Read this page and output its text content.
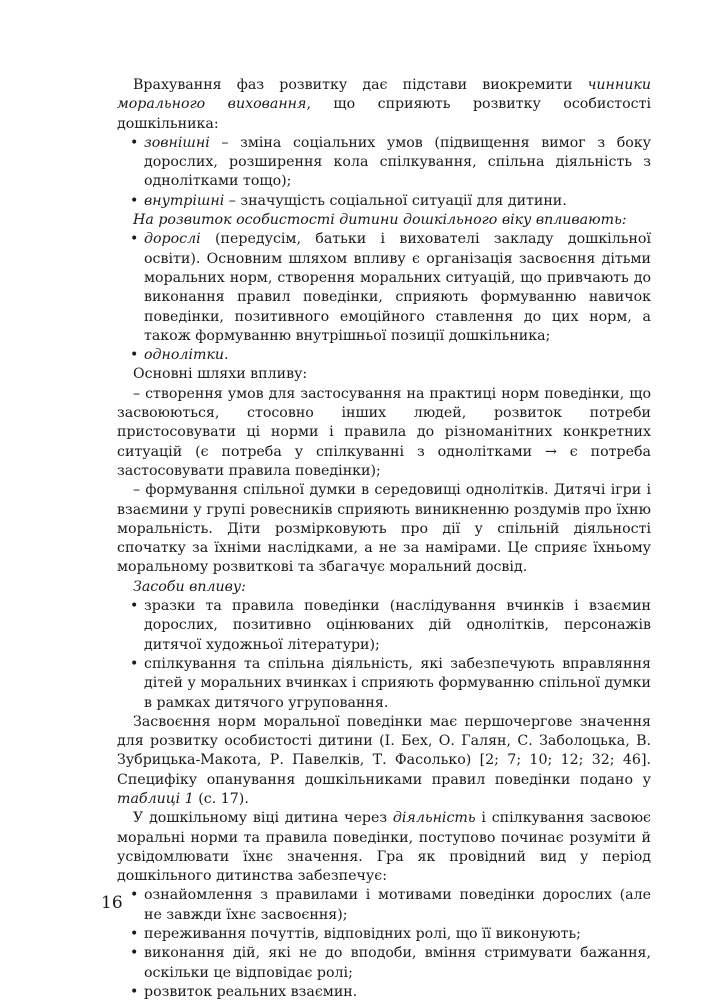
Врахування фаз розвитку дає підстави виокремити чинники морального виховання, що сприяють розвитку особистості дошкільника:

• зовнішні – зміна соціальних умов (підвищення вимог з боку дорослих, розширення кола спілкування, спільна діяльність з однолітками тощо);
• внутрішні – значущість соціальної ситуації для дитини.

На розвиток особистості дитини дошкільного віку впливають:

• дорослі (передусім, батьки і вихователі закладу дошкільної освіти). Основним шляхом впливу є організація засвоєння дітьми моральних норм, створення моральних ситуацій, що привчають до виконання правил поведінки, сприяють формуванню навичок поведінки, позитивного емоційного ставлення до цих норм, а також формуванню внутрішньої позиції дошкільника;
• однолітки.

Основні шляхи впливу:

– створення умов для застосування на практиці норм поведінки, що засвоюються, стосовно інших людей, розвиток потреби пристосовувати ці норми і правила до різноманітних конкретних ситуацій (є потреба у спілкуванні з однолітками → є потреба застосовувати правила поведінки);

– формування спільної думки в середовищі однолітків. Дитячі ігри і взаємини у групі ровесників сприяють виникненню роздумів про їхню моральність. Діти розмірковують про дії у спільній діяльності спочатку за їхніми наслідками, а не за намірами. Це сприяє їхньому моральному розвиткові та збагачує моральний досвід.

Засоби впливу:

• зразки та правила поведінки (наслідування вчинків і взаємин дорослих, позитивно оцінюваних дій однолітків, персонажів дитячої художньої літератури);
• спілкування та спільна діяльність, які забезпечують вправляння дітей у моральних вчинках і сприяють формуванню спільної думки в рамках дитячого угруповання.

Засвоєння норм моральної поведінки має першочергове значення для розвитку особистості дитини (І. Бех, О. Галян, С. Заболоцька, В. Зубрицька-Макота, Р. Павелків, Т. Фасолько) [2; 7; 10; 12; 32; 46]. Специфіку опанування дошкільниками правил поведінки подано у таблиці 1 (с. 17).

У дошкільному віці дитина через діяльність і спілкування засвоює моральні норми та правила поведінки, поступово починає розуміти й усвідомлювати їхнє значення. Гра як провідний вид у період дошкільного дитинства забезпечує:

• ознайомлення з правилами і мотивами поведінки дорослих (але не завжди їхнє засвоєння);
• переживання почуттів, відповідних ролі, що її виконують;
• виконання дій, які не до вподоби, вміння стримувати бажання, оскільки це відповідає ролі;
• розвиток реальних взаємин.
16
